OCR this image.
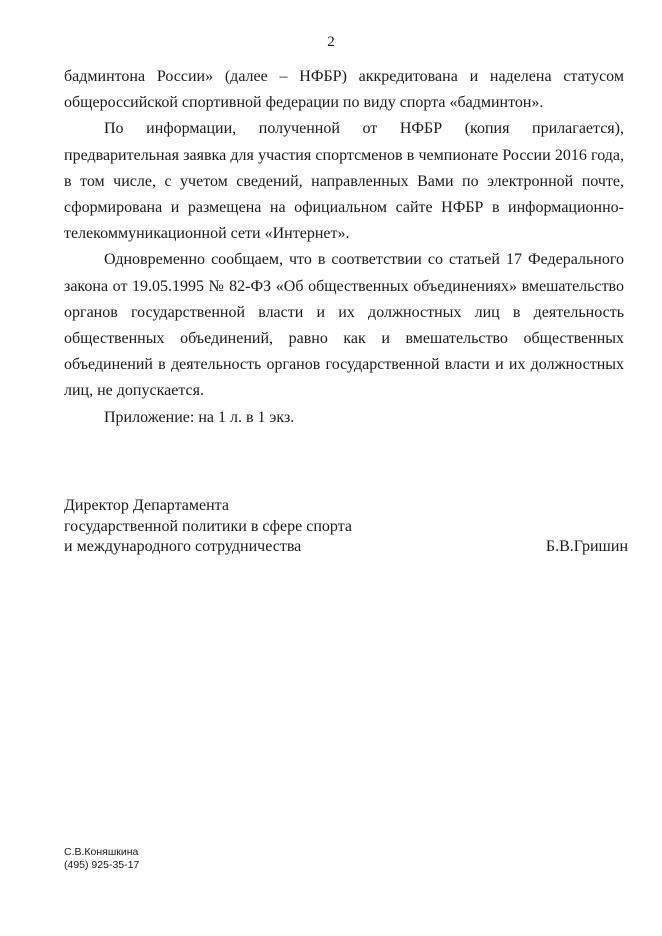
2

бадминтона России» (далее – НФБР) аккредитована и наделена статусом общероссийской спортивной федерации по виду спорта «бадминтон».

По информации, полученной от НФБР (копия прилагается), предварительная заявка для участия спортсменов в чемпионате России 2016 года, в том числе, с учетом сведений, направленных Вами по электронной почте, сформирована и размещена на официальном сайте НФБР в информационно-телекоммуникационной сети «Интернет».

Одновременно сообщаем, что в соответствии со статьей 17 Федерального закона от 19.05.1995 № 82-ФЗ «Об общественных объединениях» вмешательство органов государственной власти и их должностных лиц в деятельность общественных объединений, равно как и вмешательство общественных объединений в деятельность органов государственной власти и их должностных лиц, не допускается.

Приложение: на 1 л. в 1 экз.

Директор Департамента
государственной политики в сфере спорта
и международного сотрудничества	Б.В.Гришин
С.В.Коняшкина
(495) 925-35-17
